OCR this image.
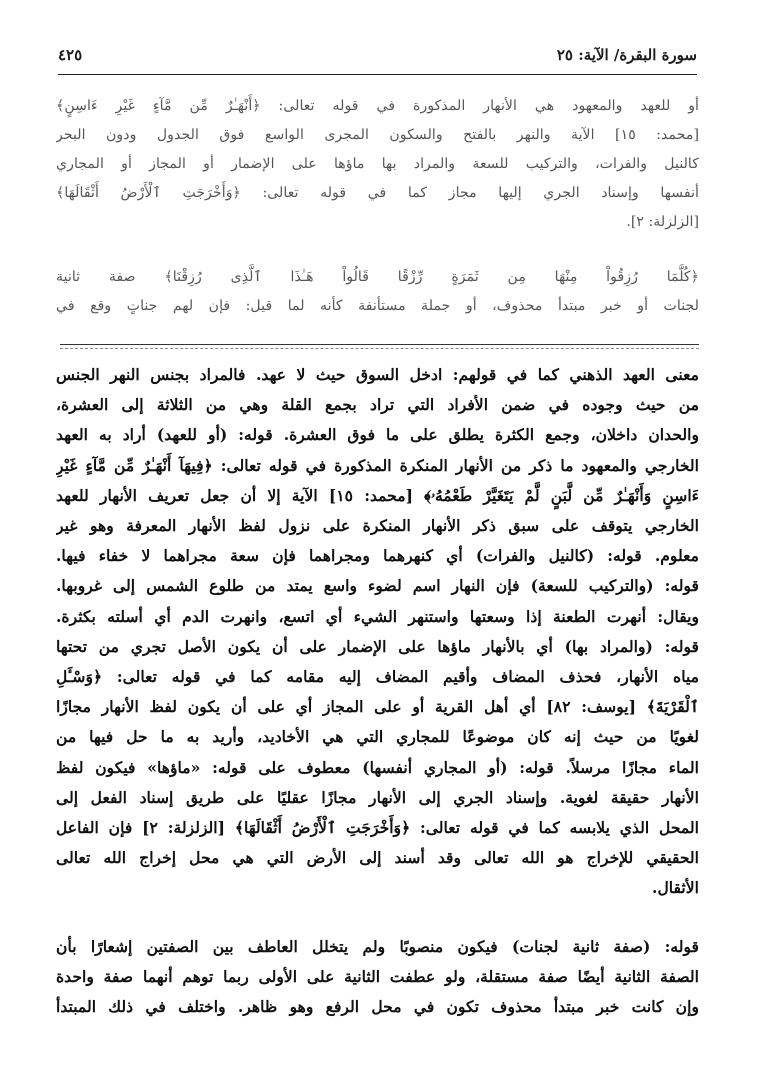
سورة البقرة/ الآية: ٢٥
٤٢٥
أو للعهد والمعهود هي الأنهار المذكورة في قوله تعالى: ﴿أَنْهَـٰرٌ مِّن مَّآءٍ غَيْرِ ءَاسِنٍ﴾
[محمد: ١٥] الآية والنهر بالفتح والسكون المجرى الواسع فوق الجدول ودون البحر
كالنيل والفرات، والتركيب للسعة والمراد بها ماؤها على الإضمار أو المجاز أو المجاري
أنفسها وإسناد الجري إليها مجاز كما في قوله تعالى: ﴿وَأَخْرَجَتِ ٱلْأَرْضُ أَثْقَالَهَا﴾
[الزلزلة: ٢].
﴿كُلَّمَا رُزِقُواْ مِنْهَا مِن ثَمَرَةٍ رِّزْقًا قَالُواْ هَـٰذَا ٱلَّذِى رُزِقْنَا﴾ صفة ثانية
لجنات أو خبر مبتدأ محذوف، أو جملة مستأنفة كأنه لما قيل: فإن لهم جناتٍ وقع في
معنى العهد الذهني كما في قولهم: ادخل السوق حيث لا عهد. فالمراد بجنس النهر الجنس
من حيث وجوده في ضمن الأفراد التي تراد بجمع القلة وهي من الثلاثة إلى العشرة،
والحدان داخلان، وجمع الكثرة يطلق على ما فوق العشرة. قوله: (أو للعهد) أراد به العهد
الخارجي والمعهود ما ذكر من الأنهار المنكرة المذكورة في قوله تعالى: ﴿فِيهَآ أَنْهَـٰرٌ مِّن مَّآءٍ غَيْرِ
ءَاسِنٍ وَأَنْهَـٰرٌ مِّن لَّبَنٍ لَّمْ يَتَغَيَّرْ طَعْمُهُۥ﴾ [محمد: ١٥] الآية إلا أن جعل تعريف الأنهار للعهد
الخارجي يتوقف على سبق ذكر الأنهار المنكرة على نزول لفظ الأنهار المعرفة وهو غير
معلوم. قوله: (كالنيل والفرات) أي كنهرهما ومجراهما فإن سعة مجراهما لا خفاء فيها.
قوله: (والتركيب للسعة) فإن النهار اسم لضوء واسع يمتد من طلوع الشمس إلى غروبها.
ويقال: أنهرت الطعنة إذا وسعتها واستنهر الشيء أي اتسع، وانهرت الدم أي أسلته بكثرة.
قوله: (والمراد بها) أي بالأنهار ماؤها على الإضمار على أن يكون الأصل تجري من تحتها
مياه الأنهار، فحذف المضاف وأقيم المضاف إليه مقامه كما في قوله تعالى: ﴿وَسْـَٔلِ
ٱلْقَرْيَةَ﴾ [يوسف: ٨٢] أي أهل القرية أو على المجاز أي على أن يكون لفظ الأنهار مجازًا
لغويًا من حيث إنه كان موضوعًا للمجاري التي هي الأخاديد، وأريد به ما حل فيها من
الماء مجازًا مرسلاً. قوله: (أو المجاري أنفسها) معطوف على قوله: «ماؤها» فيكون لفظ
الأنهار حقيقة لغوية. وإسناد الجري إلى الأنهار مجازًا عقليًا على طريق إسناد الفعل إلى
المحل الذي يلابسه كما في قوله تعالى: ﴿وَأَخْرَجَتِ ٱلْأَرْضُ أَثْقَالَهَا﴾ [الزلزلة: ٢] فإن الفاعل
الحقيقي للإخراج هو الله تعالى وقد أسند إلى الأرض التي هي محل إخراج الله تعالى
الأثقال.
قوله: (صفة ثانية لجنات) فيكون منصوبًا ولم يتخلل العاطف بين الصفتين إشعارًا بأن
الصفة الثانية أيضًا صفة مستقلة، ولو عطفت الثانية على الأولى ربما توهم أنهما صفة واحدة
وإن كانت خبر مبتدأ محذوف تكون في محل الرفع وهو ظاهر. واختلف في ذلك المبتدأ
